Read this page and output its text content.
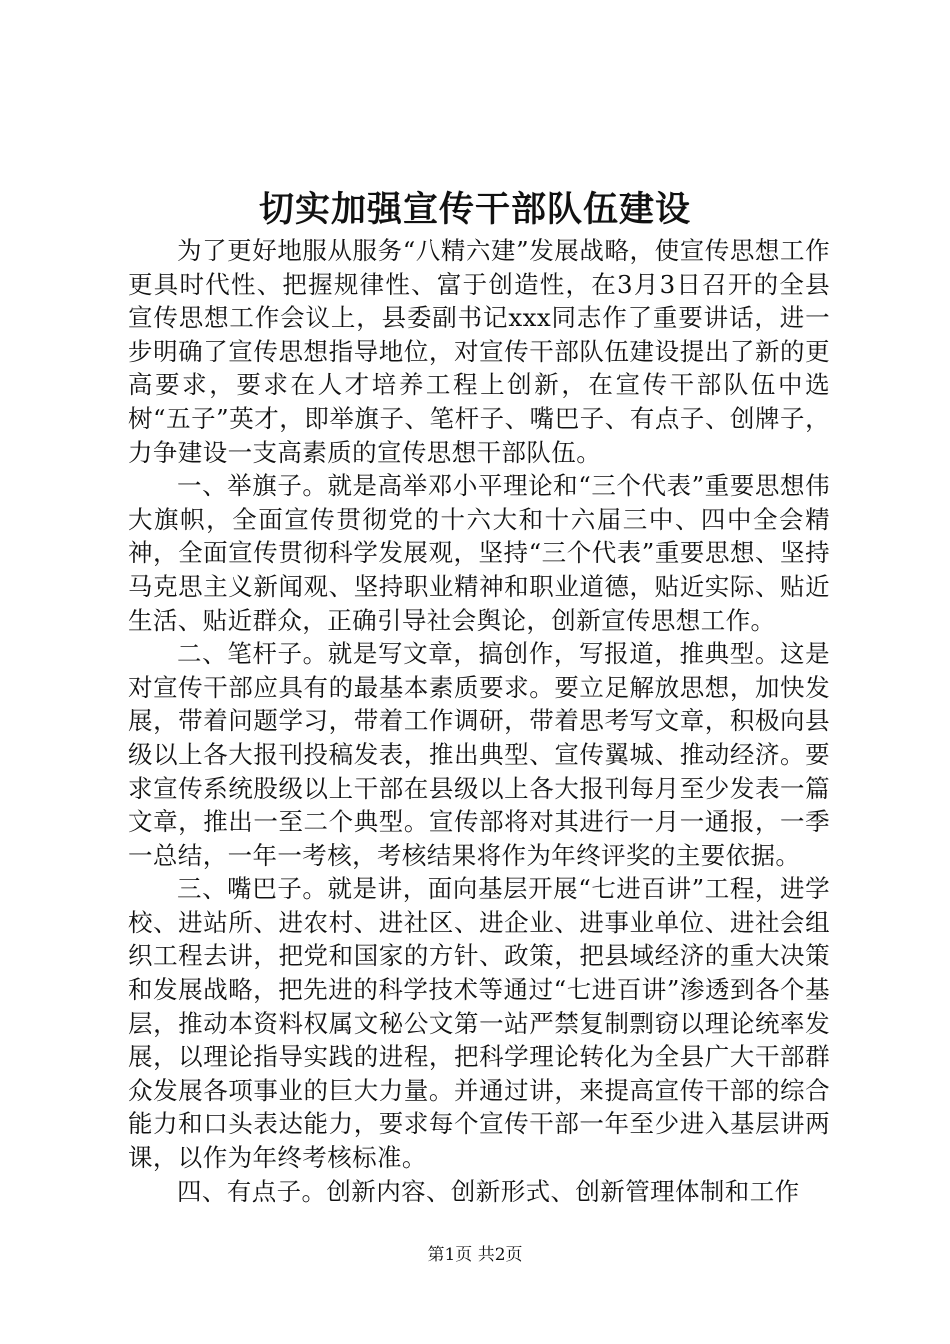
切实加强宣传干部队伍建设

为了更好地服从服务“八精六建”发展战略，使宣传思想工作更具时代性、把握规律性、富于创造性，在3月3日召开的全县宣传思想工作会议上，县委副书记xxx同志作了重要讲话，进一步明确了宣传思想指导地位，对宣传干部队伍建设提出了新的更高要求，要求在人才培养工程上创新，在宣传干部队伍中选树“五子”英才，即举旗子、笔杆子、嘴巴子、有点子、创牌子，力争建设一支高素质的宣传思想干部队伍。

一、举旗子。就是高举邓小平理论和“三个代表”重要思想伟大旗帜，全面宣传贯彻党的十六大和十六届三中、四中全会精神，全面宣传贯彻科学发展观，坚持“三个代表”重要思想、坚持马克思主义新闻观、坚持职业精神和职业道德，贴近实际、贴近生活、贴近群众，正确引导社会舆论，创新宣传思想工作。

二、笔杆子。就是写文章，搞创作，写报道，推典型。这是对宣传干部应具有的最基本素质要求。要立足解放思想，加快发展，带着问题学习，带着工作调研，带着思考写文章，积极向县级以上各大报刊投稿发表，推出典型、宣传翼城、推动经济。要求宣传系统股级以上干部在县级以上各大报刊每月至少发表一篇文章，推出一至二个典型。宣传部将对其进行一月一通报，一季一总结，一年一考核，考核结果将作为年终评奖的主要依据。

三、嘴巴子。就是讲，面向基层开展“七进百讲”工程，进学校、进站所、进农村、进社区、进企业、进事业单位、进社会组织工程去讲，把党和国家的方针、政策，把县域经济的重大决策和发展战略，把先进的科学技术等通过“七进百讲”渗透到各个基层，推动本资料权属文秘公文第一站严禁复制剽窃以理论统率发展，以理论指导实践的进程，把科学理论转化为全县广大干部群众发展各项事业的巨大力量。并通过讲，来提高宣传干部的综合能力和口头表达能力，要求每个宣传干部一年至少进入基层讲两课，以作为年终考核标准。

四、有点子。创新内容、创新形式、创新管理体制和工作

第1页 共2页
